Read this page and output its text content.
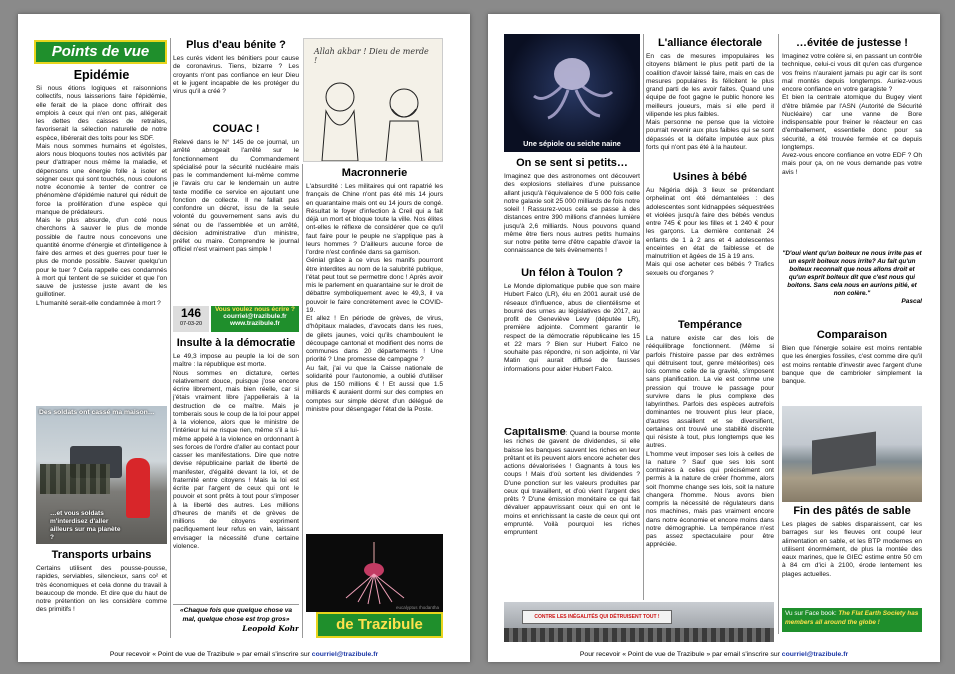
Points de vue
Epidémie
Si nous étions logiques et raisonnions collectifs, nous laisserions faire l'épidémie, elle ferait de la place donc offrirait des emplois à ceux qui n'en ont pas, allégerait les dettes des caisses de retraites, favoriserait la sélection naturelle de notre espèce, libérerait des toits pour les SDF.
Mais nous sommes humains et égoïstes, alors nous bloquons toutes nos activités par peur d'attraper nous même la maladie, et dépensons une énergie folle à isoler et soigner ceux qui sont touchés, nous coulons notre économie à tenter de contrer ce phénomène d'épidémie naturel qui réduit de force la prolifération d'une espèce qui manque de prédateurs.
Mais le plus absurde, d'un coté nous cherchons à sauver le plus de monde possible de l'autre nous concevons une quantité énorme d'énergie et d'intelligence à faire des armes et des guerres pour tuer le plus de monde possible. Sauver quelqu'un pour le tuer ? Cela rappelle ces condamnés à mort qui tentent de se suicider et que l'on sauve de justesse juste avant de les guillotiner.
L'humanité serait-elle condamnée à mort ?
Des soldats ont cassé ma maison…
…et vous soldats m'interdisez d'aller ailleurs sur ma planète ?
Transports urbains
Certains utilisent des pousse-pousse, rapides, serviables, silencieux, sans co² et très économiques et cela donne du travail à beaucoup de monde. Et dire que du haut de notre prétention on les considère comme des primitifs !
Plus d'eau bénite ?
Les curés vident les bénitiers pour cause de coronavirus. Tiens, bizarre ? Les croyants n'ont pas confiance en leur Dieu et le jugent incapable de les protéger du virus qu'il a créé ?
Allah akbar ! Dieu de merde !
COUAC !
Relevé dans le N° 145 de ce journal, un arrêté abrogeait l'arrêté sur le fonctionnement du Commandement spécialisé pour la sécurité nucléaire mais pas le commandement lui-même comme je l'avais cru car le lendemain un autre texte modifie ce service en ajoutant une fonction de collecte. Il ne fallait pas confondre un décret, issu de la seule volonté du gouvernement sans avis du sénat ou de l'assemblée et un arrêté, décision administrative d'un ministre, préfet ou maire. Comprendre le journal officiel n'est vraiment pas simple !
146
07-03-20
Vous voulez nous écrire ?
courriel@trazibule.fr
www.trazibule.fr
Insulte à la démocratie
Le 49,3 impose au peuple la loi de son maître : la république est morte.
Nous sommes en dictature, certes relativement douce, puisque j'ose encore écrire librement, mais bien réelle, car si j'étais vraiment libre j'appellerais à la destruction de ce maître. Mais je tomberais sous le coup de la loi pour appel à la violence, alors que le ministre de l'intérieur lui ne risque rien, même s'il a lui-même appelé à la violence en ordonnant à ses forces de l'ordre d'aller au contact pour casser les manifestations. Dire que notre devise républicaine parlait de liberté de manifester, d'égalité devant la loi, et de fraternité entre citoyens ! Mais la loi est écrite par l'argent de ceux qui ont le pouvoir et sont prêts à tout pour s'imposer à la liberté des autres. Les millions d'heures de manifs et de grèves de millions de citoyens expriment pacifiquement leur refus en vain, laissant envisager la nécessité d'une certaine violence.
«Chaque fois que quelque chose va mal, quelque chose est trop gros»
Leopold Kohr
Macronnerie
L'absurdité : Les militaires qui ont rapatrié les français de Chine n'ont pas été mis 14 jours en quarantaine mais ont eu 14 jours de congé. Résultat le foyer d'infection à Creil qui a fait déjà un mort et bloque toute la ville. Nos élites ont-elles le réflexe de considérer que ce qu'il faut faire pour le peuple ne s'applique pas à leurs hommes ? D'ailleurs aucune force de l'ordre n'est confinée dans sa garnison.
Génial grâce à ce virus les manifs pourront être interdites au nom de la salubrité publique, l'état peut tout se permettre donc ! Après avoir mis le parlement en quarantaine sur le droit de débattre symboliquement avec le 49,3, il va pouvoir le faire concrètement avec le COVID-19.
Et allez ! En période de grèves, de virus, d'hôpitaux malades, d'avocats dans les rues, de gilets jaunes, voici qu'ils chamboulent le découpage cantonal et modifient des noms de communes dans 20 départements ! Une priorité ? Une promesse de campagne ?
Au fait, j'ai vu que la Caisse nationale de solidarité pour l'autonomie, a oublié d'utiliser plus de 150 millions € ! Et aussi que 1.5 milliards € auraient dormi sur des comptes en comptes sur simple décret d'un délégué de ministre pour désengager l'état de la Poste.
eucalyptus rhodantha
de Trazibule
Pour recevoir « Point de vue de Trazibule » par email s'inscrire sur courriel@trazibule.fr
Une sépiole ou seiche naine
On se sent si petits…
Imaginez que des astronomes ont découvert des explosions stellaires d'une puissance allant jusqu'à l'équivalence de 5 000 fois celle notre galaxie soit 25 000 milliards de fois notre soleil ! Rassurez-vous cela se passe à des distances entre 390 millions d'années lumière jusqu'à 2,6 milliards. Nous pouvons quand même être fiers nous autres petits humains sur notre petite terre d'être capable d'avoir la connaissance de tels évènements !
Un félon à Toulon ?
Le Monde diplomatique publie que son maire Hubert Falco (LR), élu en 2001 aurait usé de réseaux d'influence, abus de clientélisme et bourré des urnes au législatives de 2017, au profit de Geneviève Levy (députée LR), première adjointe. Comment garantir le respect de la démocratie républicaine les 15 et 22 mars ? Bien sur Hubert Falco ne souhaite pas répondre, ni son adjointe, ni Var Matin qui aurait diffusé de fausses informations pour aider Hubert Falco.
Capitalisme: Quand la bourse monte les riches de gavent de dividendes, si elle baisse les banques sauvent les riches en leur prêtant et ils peuvent alors encore acheter des actions dévalorisées ! Gagnants à tous les coups ! Mais d'où sortent les dividendes ? D'une ponction sur les valeurs produites par ceux qui travaillent, et d'où vient l'argent des prêts ? D'une émission monétaire ce qui fait dévaluer appauvrissant ceux qui en ont le moins et enrichissant la caste de ceux qui ont emprunté. Voilà pourquoi les riches empruntent
CONTRE LES INÉGALITÉS QUI DÉTRUISENT TOUT !
L'alliance électorale
En cas de mesures impopulaires les citoyens blâment le plus petit parti de la coalition d'avoir laissé faire, mais en cas de mesures populaires ils félicitent le plus grand parti de les avoir faites. Quand une équipe de foot gagne le public honore les meilleurs joueurs, mais si elle perd il vilipende les plus faibles.
Mais personne ne pense que la victoire pourrait revenir aux plus faibles qui se sont dépassés et la défaite imputée aux plus forts qui n'ont pas été à la hauteur.
Usines à bébé
Au Nigéria déjà 3 lieux se prétendant orphelinat ont été démantelées : des adolescentes sont kidnappées séquestrées et violées jusqu'à faire des bébés vendus entre 745 € pour les filles et 1 240 € pour les garçons. La dernière contenait 24 enfants de 1 à 2 ans et 4 adolescentes enceintes en état de faiblesse et de malnutrition et âgées de 15 à 19 ans.
Mais qui ose acheter ces bébés ? Trafics sexuels ou d'organes ?
Tempérance
La nature existe car des lois de rééquilibrage fonctionnent. (Même si parfois l'histoire passe par des extrêmes qui détruisent tout, genre météorites) ces lois comme celle de la gravité, s'imposent sans planification. La vie est comme une pression qui trouve le passage pour survivre dans le plus complexe des labyrinthes. Parfois des espèces autrefois dominantes ne trouvent plus leur place, d'autres assaillent et se diversifient, certaines ont trouvé une stabilité discrète qui résiste à tout, plus longtemps que les autres.
L'homme veut imposer ses lois à celles de la nature ? Sauf que ses lois sont contraires à celles qui précisément ont permis à la nature de créer l'homme, alors soit l'homme change ses lois, soit la nature changera l'homme. Nous avons bien compris la nécessité de régulateurs dans nos machines, mais pas vraiment encore dans notre économie et encore moins dans notre démographie. La tempérance n'est pas assez spectaculaire pour être appréciée.
…évitée de justesse !
Imaginez votre colère si, en passant un contrôle technique, celui-ci vous dit qu'en cas d'urgence vos freins n'auraient jamais pu agir car ils sont mal montés depuis longtemps. Auriez-vous encore confiance en votre garagiste ?
Et bien la centrale atomique du Bugey vient d'être blâmée par l'ASN (Autorité de Sécurité Nucléaire) car une vanne de Bore indispensable pour freiner le réacteur en cas d'emballement, essentielle donc pour sa sécurité, a été trouvée fermée et ce depuis longtemps.
Avez-vous encore confiance en votre EDF ? Oh mais pour ça, on ne vous demande pas votre avis !
"D'oui vient qu'un boiteux ne nous irrite pas et un esprit boiteux nous irrite? Au fait qu'un boiteux reconnaît que nous allons droit et qu'un esprit boiteux dit que c'est nous qui boitons. Sans cela nous en aurions pitié, et non colère."
Pascal
Comparaison
Bien que l'énergie solaire est moins rentable que les énergies fossiles, c'est comme dire qu'il est moins rentable d'investir avec l'argent d'une banque que de cambrioler simplement la banque.
Fin des pâtés de sable
Les plages de sables disparaissent, car les barrages sur les fleuves ont coupé leur alimentation en sable, et les BTP modernes en utilisent énormément, de plus la montée des eaux marines, que le GIEC estime entre 50 cm à 84 cm d'ici à 2100, érode lentement les plages actuelles.
Vu sur Face book: The Flat Earth Society has members all around the globe !
Pour recevoir « Point de vue de Trazibule » par email s'inscrire sur courriel@trazibule.fr
